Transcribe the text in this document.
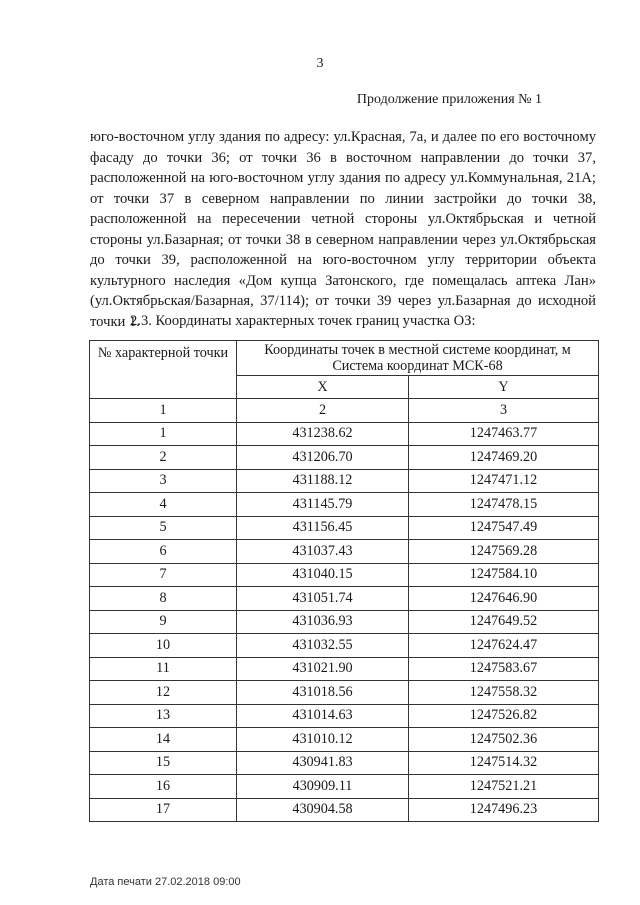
3
Продолжение приложения № 1

юго-восточном углу здания по адресу: ул.Красная, 7а, и далее по его восточному фасаду до точки 36; от точки 36 в восточном направлении до точки 37, расположенной на юго-восточном углу здания по адресу ул.Коммунальная, 21А; от точки 37 в северном направлении по линии застройки до точки 38, расположенной на пересечении четной стороны ул.Октябрьская и четной стороны ул.Базарная; от точки 38 в северном направлении через ул.Октябрьская до точки 39, расположенной на юго-восточном углу территории объекта культурного наследия «Дом купца Затонского, где помещалась аптека Лан» (ул.Октябрьская/Базарная, 37/114); от точки 39 через ул.Базарная до исходной точки 1.

2.3. Координаты характерных точек границ участка ОЗ:
№ характерной точки	Координаты точек в местной системе координат, м
Система координат МСК-68	

	X	Y
1	2	3
1	431238.62	1247463.77
2	431206.70	1247469.20
3	431188.12	1247471.12
4	431145.79	1247478.15
5	431156.45	1247547.49
6	431037.43	1247569.28
7	431040.15	1247584.10
8	431051.74	1247646.90
9	431036.93	1247649.52
10	431032.55	1247624.47
11	431021.90	1247583.67
12	431018.56	1247558.32
13	431014.63	1247526.82
14	431010.12	1247502.36
15	430941.83	1247514.32
16	430909.11	1247521.21
17	430904.58	1247496.23
Дата печати 27.02.2018 09:00
